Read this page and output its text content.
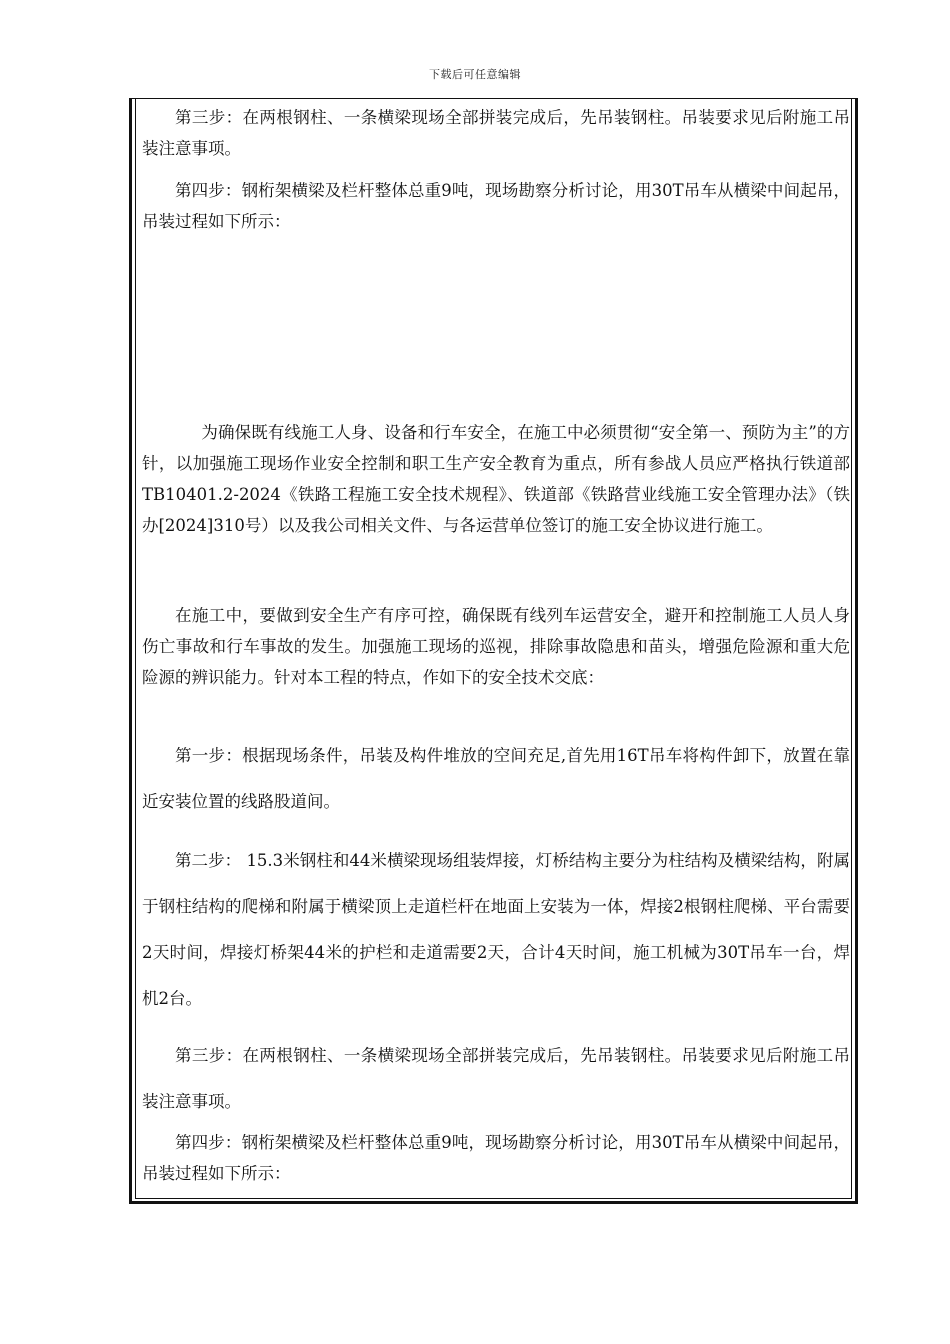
下载后可任意编辑

第三步：在两根钢柱、一条横梁现场全部拼装完成后，先吊装钢柱。吊装要求见后附施工吊装注意事项。

第四步：钢桁架横梁及栏杆整体总重9吨，现场勘察分析讨论，用30T吊车从横梁中间起吊，吊装过程如下所示：

为确保既有线施工人身、设备和行车安全，在施工中必须贯彻“安全第一、预防为主”的方针，以加强施工现场作业安全控制和职工生产安全教育为重点，所有参战人员应严格执行铁道部TB10401.2-2024《铁路工程施工安全技术规程》、铁道部《铁路营业线施工安全管理办法》（铁办[2024]310号）以及我公司相关文件、与各运营单位签订的施工安全协议进行施工。

在施工中，要做到安全生产有序可控，确保既有线列车运营安全，避开和控制施工人员人身伤亡事故和行车事故的发生。加强施工现场的巡视，排除事故隐患和苗头，增强危险源和重大危险源的辨识能力。针对本工程的特点，作如下的安全技术交底：

第一步：根据现场条件，吊装及构件堆放的空间充足,首先用16T吊车将构件卸下，放置在靠近安装位置的线路股道间。

第二步： 15.3米钢柱和44米横梁现场组装焊接，灯桥结构主要分为柱结构及横梁结构，附属于钢柱结构的爬梯和附属于横梁顶上走道栏杆在地面上安装为一体，焊接2根钢柱爬梯、平台需要2天时间，焊接灯桥架44米的护栏和走道需要2天，合计4天时间，施工机械为30T吊车一台，焊机2台。

第三步：在两根钢柱、一条横梁现场全部拼装完成后，先吊装钢柱。吊装要求见后附施工吊装注意事项。

第四步：钢桁架横梁及栏杆整体总重9吨，现场勘察分析讨论，用30T吊车从横梁中间起吊，吊装过程如下所示：
